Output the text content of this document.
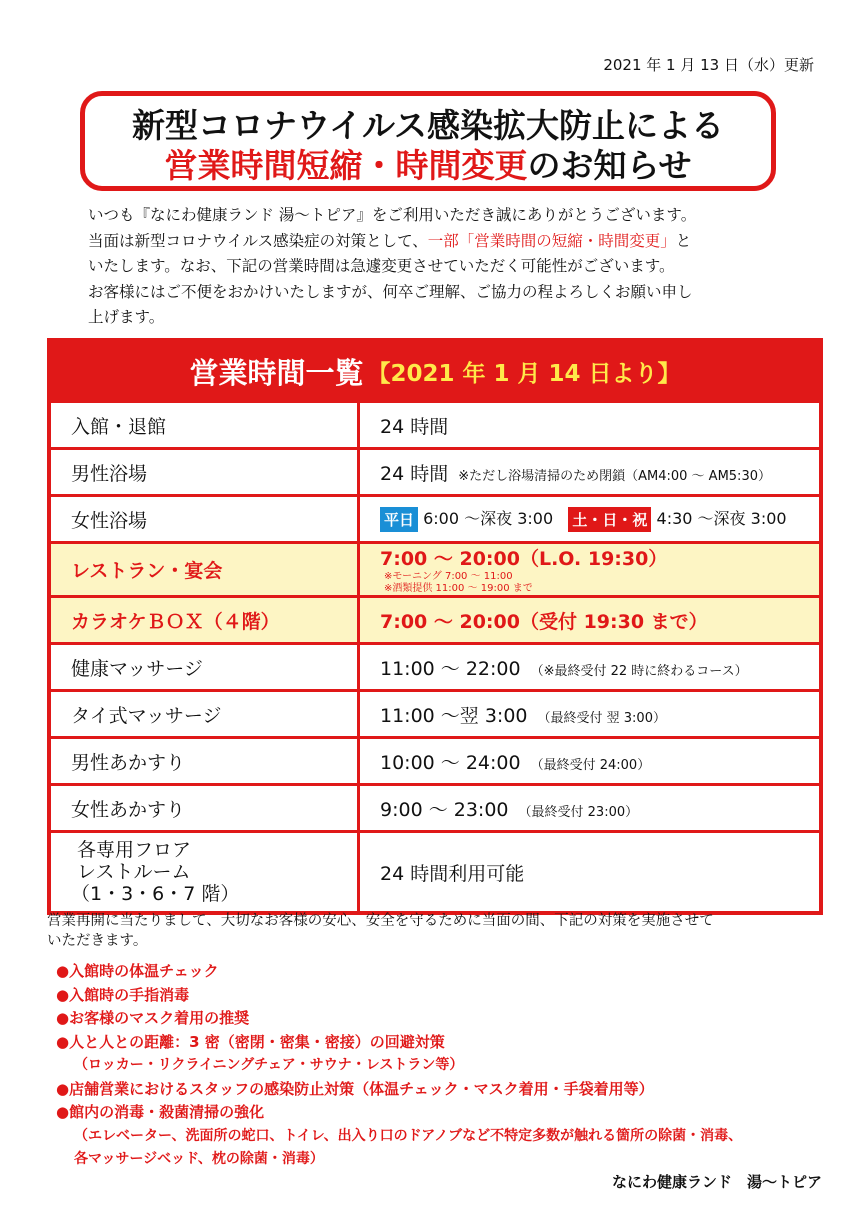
2021 年 1 月 13 日（水）更新
新型コロナウイルス感染拡大防止による
営業時間短縮・時間変更のお知らせ

いつも『なにわ健康ランド 湯〜トピア』をご利用いただき誠にありがとうございます。

当面は新型コロナウイルス感染症の対策として、一部「営業時間の短縮・時間変更」と

いたします。なお、下記の営業時間は急遽変更させていただく可能性がございます。

お客様にはご不便をおかけいたしますが、何卒ご理解、ご協力の程よろしくお願い申し

上げます。

営業時間一覧 【2021 年 1 月 14 日より】
入館・退館	24 時間
男性浴場	24 時間 ※ただし浴場清掃のため閉鎖（AM4:00 〜 AM5:30）
女性浴場	平日 6:00 〜深夜 3:00 土・日・祝 4:30 〜深夜 3:00
レストラン・宴会	7:00 〜 20:00（L.O. 19:30）※モーニング 7:00 〜 11:00
※酒類提供 11:00 〜 19:00 まで
カラオケＢＯＸ（４階）	7:00 〜 20:00（受付 19:30 まで）
健康マッサージ	11:00 〜 22:00 （※最終受付 22 時に終わるコース）
タイ式マッサージ	11:00 〜翌 3:00 （最終受付 翌 3:00）
男性あかすり	10:00 〜 24:00 （最終受付 24:00）
女性あかすり	9:00 〜 23:00 （最終受付 23:00）
各専用フロア
レストルーム
（1・3・6・7 階）	24 時間利用可能
営業再開に当たりまして、大切なお客様の安心、安全を守るために当面の間、下記の対策を実施させて
いただきます。
●入館時の体温チェック
●入館時の手指消毒
●お客様のマスク着用の推奨
●人と人との距離：3 密（密閉・密集・密接）の回避対策
（ロッカー・リクライニングチェア・サウナ・レストラン等）
●店舗営業におけるスタッフの感染防止対策（体温チェック・マスク着用・手袋着用等）
●館内の消毒・殺菌清掃の強化
（エレベーター、洗面所の蛇口、トイレ、出入り口のドアノブなど不特定多数が触れる箇所の除菌・消毒、
各マッサージベッド、枕の除菌・消毒）
なにわ健康ランド　湯〜トピア
